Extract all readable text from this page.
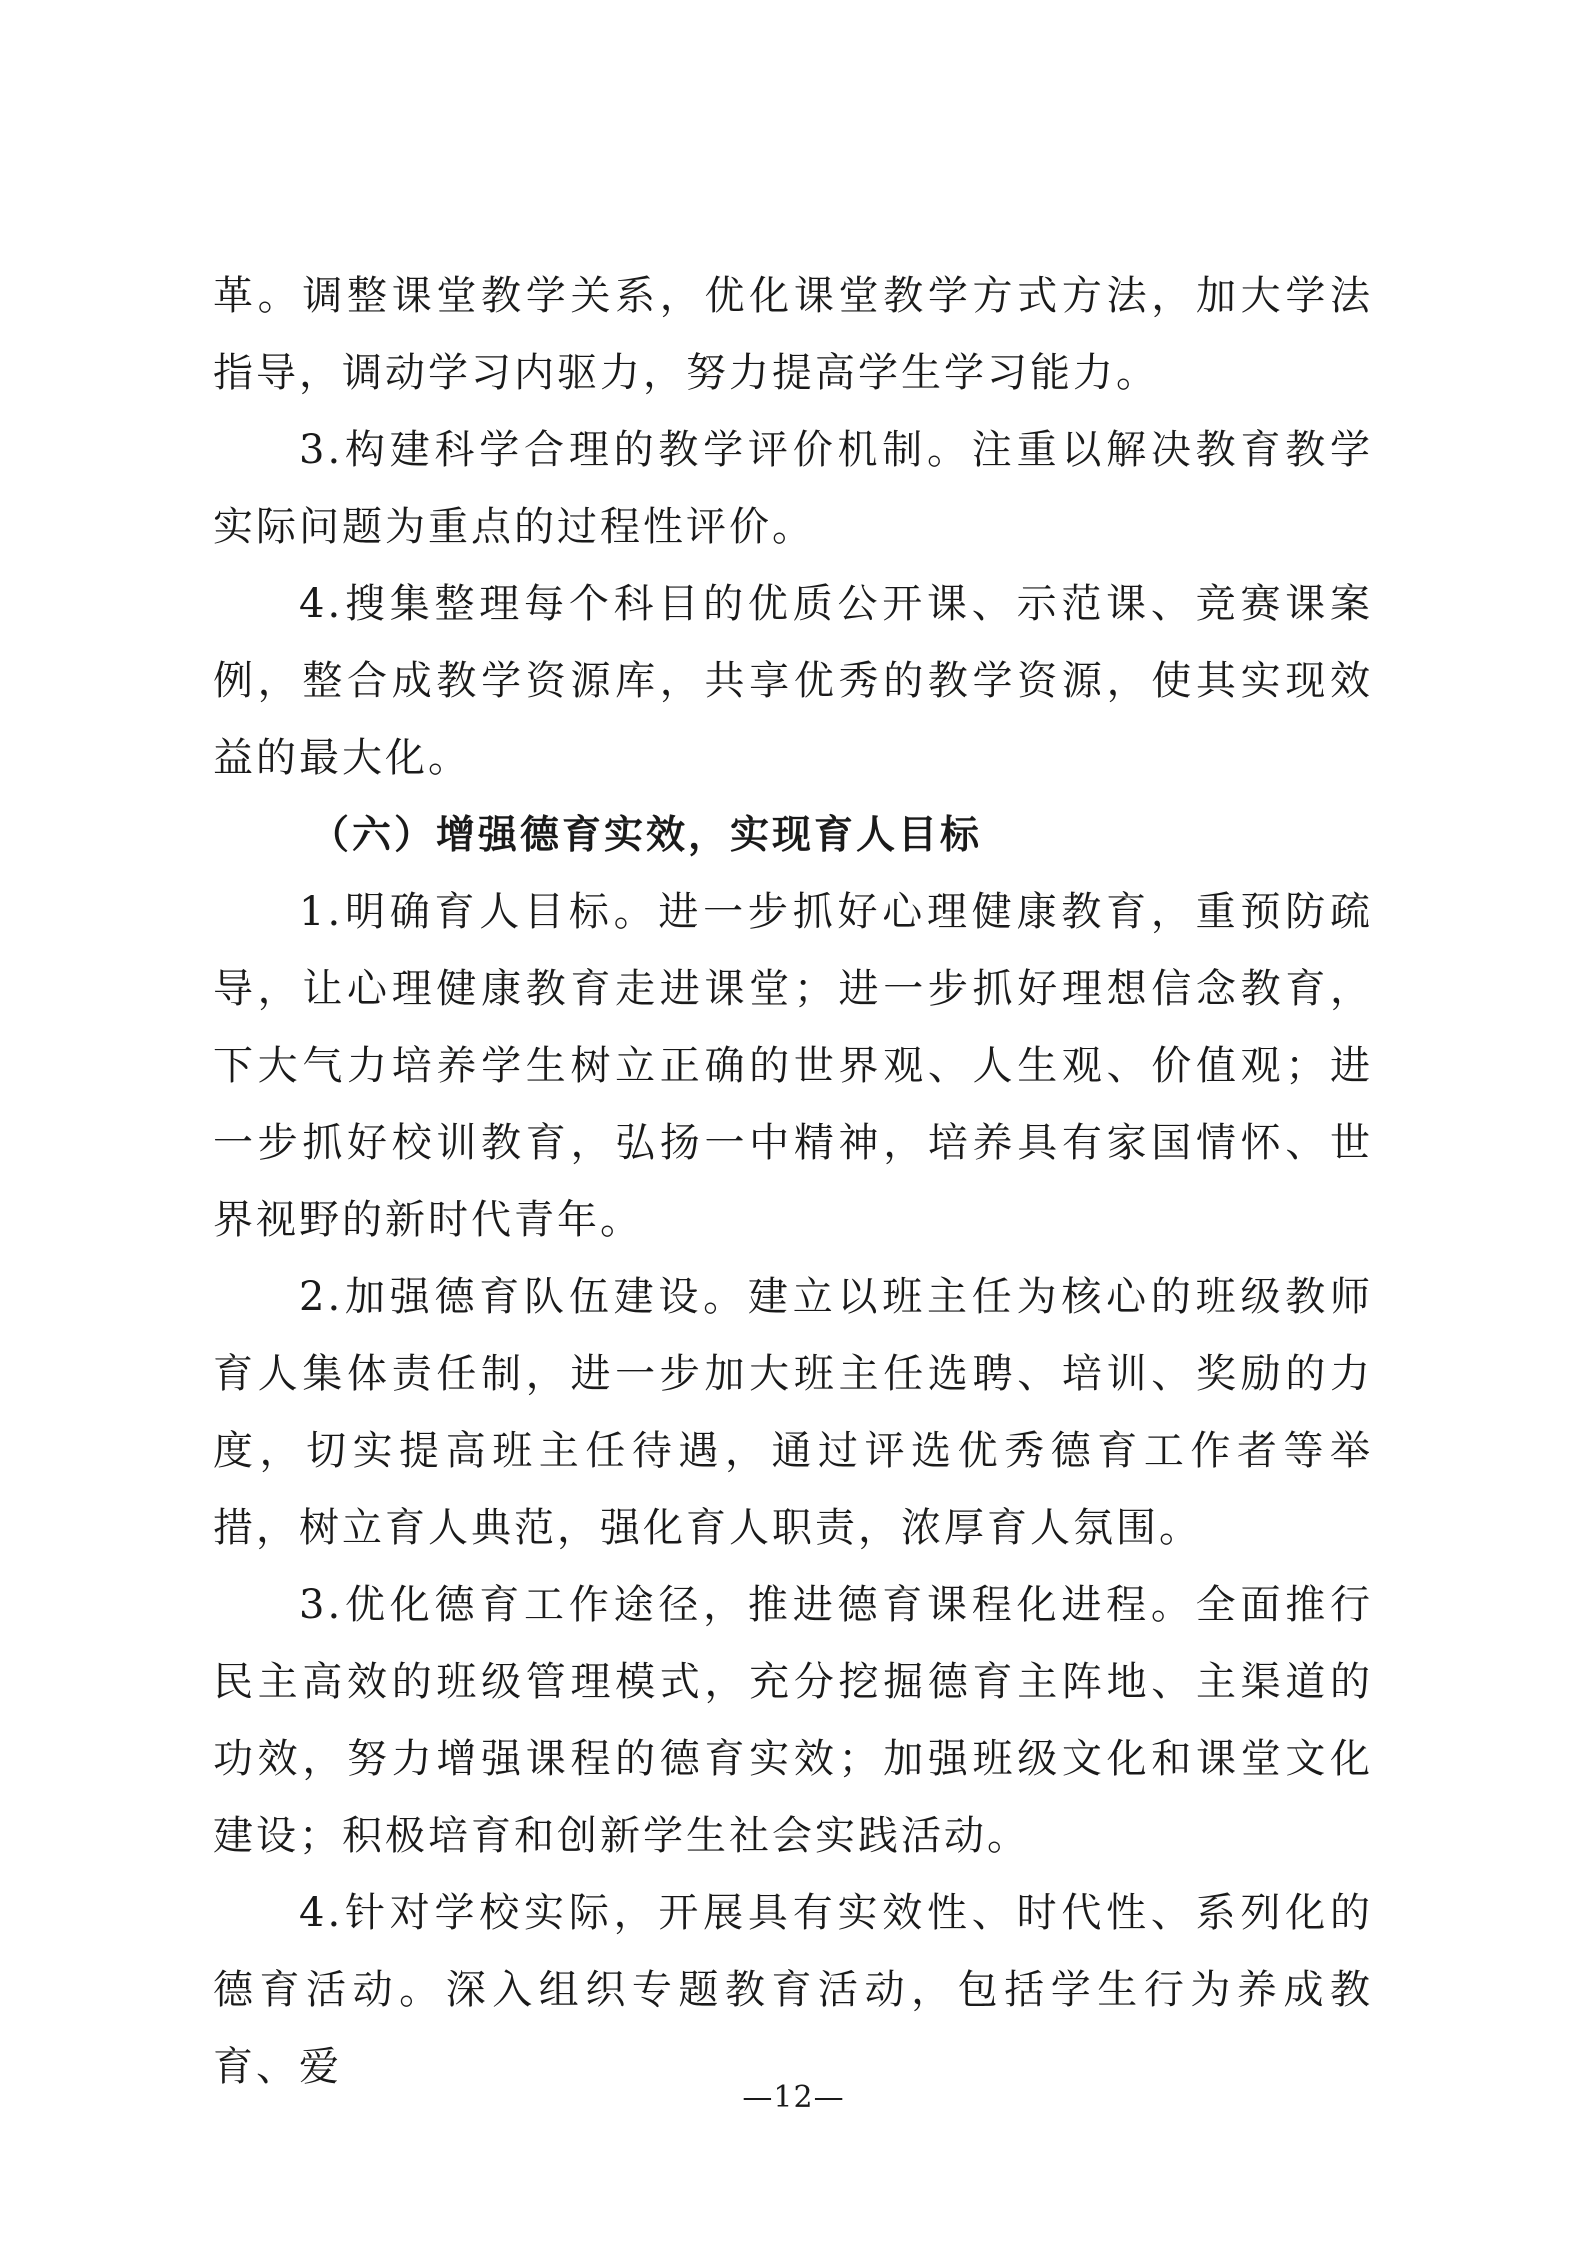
革。调整课堂教学关系，优化课堂教学方式方法，加大学法指导，调动学习内驱力，努力提高学生学习能力。

3.构建科学合理的教学评价机制。注重以解决教育教学实际问题为重点的过程性评价。

4.搜集整理每个科目的优质公开课、示范课、竞赛课案例，整合成教学资源库，共享优秀的教学资源，使其实现效益的最大化。

（六）增强德育实效，实现育人目标

1.明确育人目标。进一步抓好心理健康教育，重预防疏导，让心理健康教育走进课堂；进一步抓好理想信念教育，下大气力培养学生树立正确的世界观、人生观、价值观；进一步抓好校训教育，弘扬一中精神，培养具有家国情怀、世界视野的新时代青年。

2.加强德育队伍建设。建立以班主任为核心的班级教师育人集体责任制，进一步加大班主任选聘、培训、奖励的力度，切实提高班主任待遇，通过评选优秀德育工作者等举措，树立育人典范，强化育人职责，浓厚育人氛围。

3.优化德育工作途径，推进德育课程化进程。全面推行民主高效的班级管理模式，充分挖掘德育主阵地、主渠道的功效，努力增强课程的德育实效；加强班级文化和课堂文化建设；积极培育和创新学生社会实践活动。

4.针对学校实际，开展具有实效性、时代性、系列化的德育活动。深入组织专题教育活动，包括学生行为养成教育、爱

—12—
